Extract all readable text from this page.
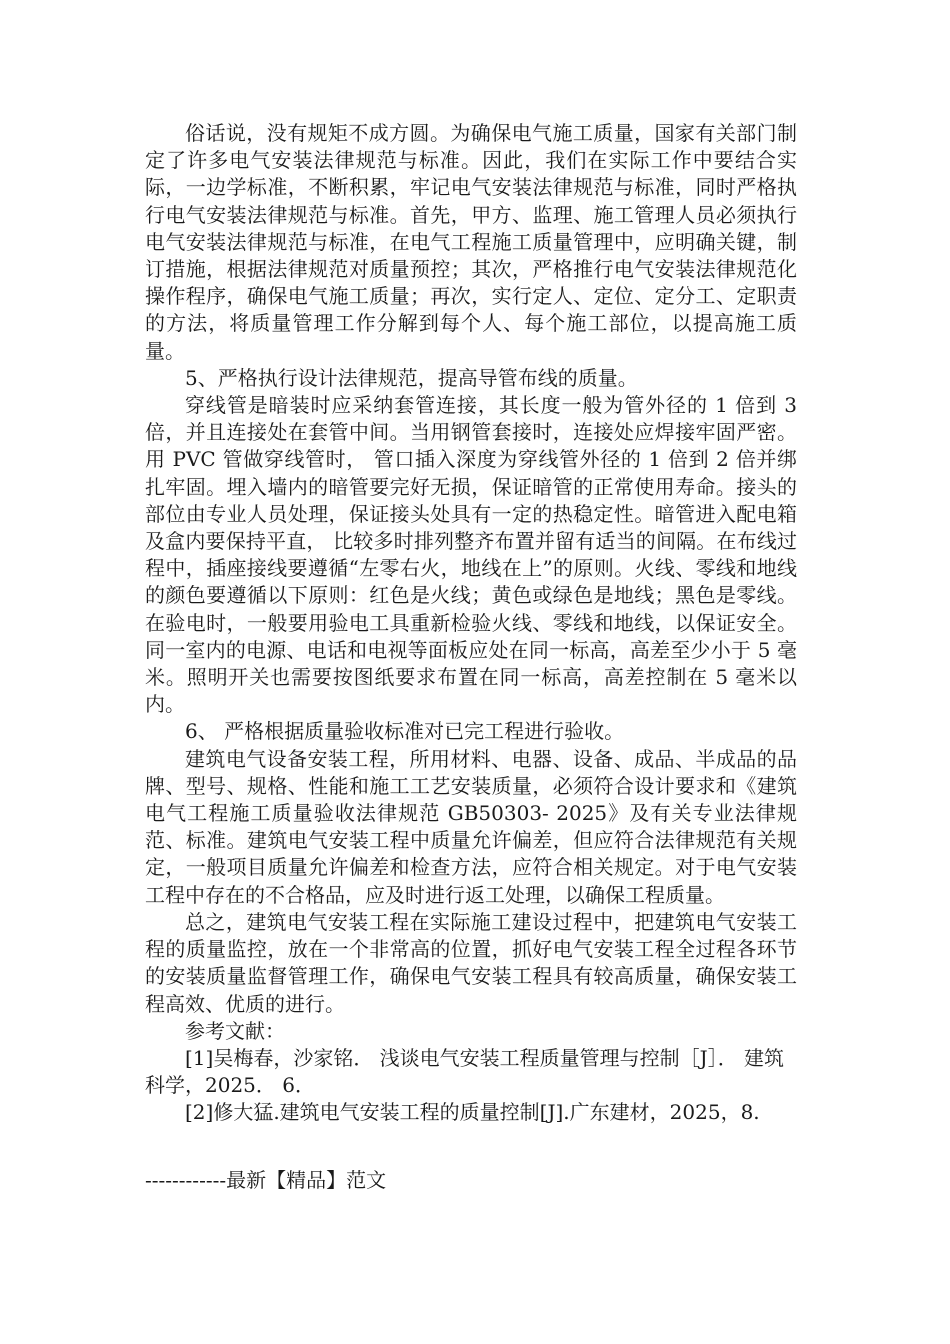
俗话说，没有规矩不成方圆。为确保电气施工质量，国家有关部门制定了许多电气安装法律规范与标准。因此，我们在实际工作中要结合实际，一边学标准，不断积累，牢记电气安装法律规范与标准，同时严格执行电气安装法律规范与标准。首先，甲方、监理、施工管理人员必须执行电气安装法律规范与标准，在电气工程施工质量管理中，应明确关键，制订措施，根据法律规范对质量预控；其次，严格推行电气安装法律规范化操作程序，确保电气施工质量；再次，实行定人、定位、定分工、定职责的方法，将质量管理工作分解到每个人、每个施工部位，以提高施工质量。

5、严格执行设计法律规范，提高导管布线的质量。

穿线管是暗装时应采纳套管连接，其长度一般为管外径的 1 倍到 3 倍，并且连接处在套管中间。当用钢管套接时，连接处应焊接牢固严密。用 PVC 管做穿线管时， 管口插入深度为穿线管外径的 1 倍到 2 倍并绑扎牢固。埋入墙内的暗管要完好无损，保证暗管的正常使用寿命。接头的部位由专业人员处理，保证接头处具有一定的热稳定性。暗管进入配电箱及盒内要保持平直， 比较多时排列整齐布置并留有适当的间隔。在布线过程中，插座接线要遵循“左零右火，地线在上”的原则。火线、零线和地线的颜色要遵循以下原则：红色是火线；黄色或绿色是地线；黑色是零线。在验电时，一般要用验电工具重新检验火线、零线和地线，以保证安全。同一室内的电源、电话和电视等面板应处在同一标高，高差至少小于 5 毫米。照明开关也需要按图纸要求布置在同一标高，高差控制在 5 毫米以内。

6、 严格根据质量验收标准对已完工程进行验收。

建筑电气设备安装工程，所用材料、电器、设备、成品、半成品的品牌、型号、规格、性能和施工工艺安装质量，必须符合设计要求和《建筑电气工程施工质量验收法律规范 GB50303- 2025》及有关专业法律规范、标准。建筑电气安装工程中质量允许偏差，但应符合法律规范有关规定，一般项目质量允许偏差和检查方法，应符合相关规定。对于电气安装工程中存在的不合格品，应及时进行返工处理，以确保工程质量。

总之，建筑电气安装工程在实际施工建设过程中，把建筑电气安装工程的质量监控，放在一个非常高的位置，抓好电气安装工程全过程各环节的安装质量监督管理工作，确保电气安装工程具有较高质量，确保安装工程高效、优质的进行。

参考文献：

[1]吴梅春，沙家铭． 浅谈电气安装工程质量管理与控制［J］． 建筑科学，2025． 6．

[2]修大猛.建筑电气安装工程的质量控制[J].广东建材，2025，8.

------------最新【精品】范文
